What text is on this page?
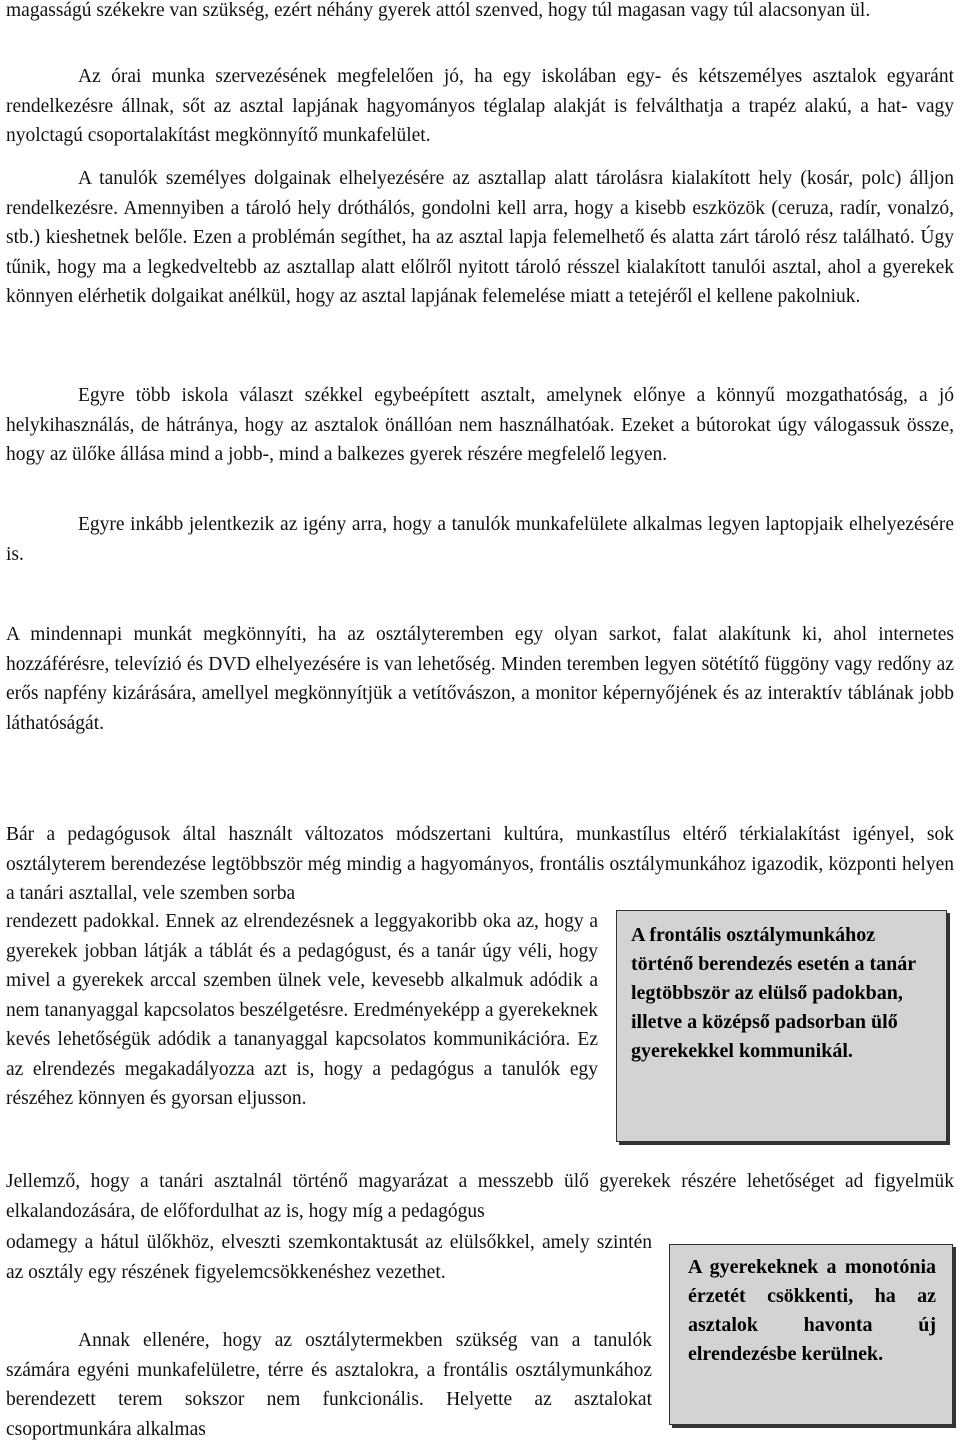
magasságú székekre van szükség, ezért néhány gyerek attól szenved, hogy túl magasan vagy túl alacsonyan ül.

Az órai munka szervezésének megfelelően jó, ha egy iskolában egy- és kétszemélyes asztalok egyaránt rendelkezésre állnak, sőt az asztal lapjának hagyományos téglalap alakját is felválthatja a trapéz alakú, a hat- vagy nyolctagú csoportalakítást megkönnyítő munkafelület.

A tanulók személyes dolgainak elhelyezésére az asztallap alatt tárolásra kialakított hely (kosár, polc) álljon rendelkezésre. Amennyiben a tároló hely dróthálós, gondolni kell arra, hogy a kisebb eszközök (ceruza, radír, vonalzó, stb.) kieshetnek belőle. Ezen a problémán segíthet, ha az asztal lapja felemelhető és alatta zárt tároló rész található. Úgy tűnik, hogy ma a legkedveltebb az asztallap alatt előlről nyitott tároló résszel kialakított tanulói asztal, ahol a gyerekek könnyen elérhetik dolgaikat anélkül, hogy az asztal lapjának felemelése miatt a tetejéről el kellene pakolniuk.

Egyre több iskola választ székkel egybeépített asztalt, amelynek előnye a könnyű mozgathatóság, a jó helykihasználás, de hátránya, hogy az asztalok önállóan nem használhatóak. Ezeket a bútorokat úgy válogassuk össze, hogy az ülőke állása mind a jobb-, mind a balkezes gyerek részére megfelelő legyen.

Egyre inkább jelentkezik az igény arra, hogy a tanulók munkafelülete alkalmas legyen laptopjaik elhelyezésére is.

A mindennapi munkát megkönnyíti, ha az osztályteremben egy olyan sarkot, falat alakítunk ki, ahol internetes hozzáférésre, televízió és DVD elhelyezésére is van lehetőség. Minden teremben legyen sötétítő függöny vagy redőny az erős napfény kizárására, amellyel megkönnyítjük a vetítővászon, a monitor képernyőjének és az interaktív táblának jobb láthatóságát.

Bár a pedagógusok által használt változatos módszertani kultúra, munkastílus eltérő térkialakítást igényel, sok osztályterem berendezése legtöbbször még mindig a hagyományos, frontális osztálymunkához igazodik, központi helyen a tanári asztallal, vele szemben sorba

rendezett padokkal. Ennek az elrendezésnek a leggyakoribb oka az, hogy a gyerekek jobban látják a táblát és a pedagógust, és a tanár úgy véli, hogy mivel a gyerekek arccal szemben ülnek vele, kevesebb alkalmuk adódik a nem tananyaggal kapcsolatos beszélgetésre. Eredményeképp a gyerekeknek kevés lehetőségük adódik a tananyaggal kapcsolatos kommunikációra. Ez az elrendezés megakadályozza azt is, hogy a pedagógus a tanulók egy részéhez könnyen és gyorsan eljusson.

Jellemző, hogy a tanári asztalnál történő magyarázat a messzebb ülő gyerekek részére lehetőséget ad figyelmük elkalandozására, de előfordulhat az is, hogy míg a pedagógus

odamegy a hátul ülőkhöz, elveszti szemkontaktusát az elülsőkkel, amely szintén az osztály egy részének figyelemcsökkenéshez vezethet.

Annak ellenére, hogy az osztálytermekben szükség van a tanulók számára egyéni munkafelületre, térre és asztalokra, a frontális osztálymunkához berendezett terem sokszor nem funkcionális. Helyette az asztalokat csoportmunkára alkalmas

A frontális osztálymunkához történő berendezés esetén a tanár legtöbbször az elülső padokban, illetve a középső padsorban ülő gyerekekkel kommunikál.
A gyerekeknek a monotónia érzetét csökkenti, ha az asztalok havonta új elrendezésbe kerülnek.
